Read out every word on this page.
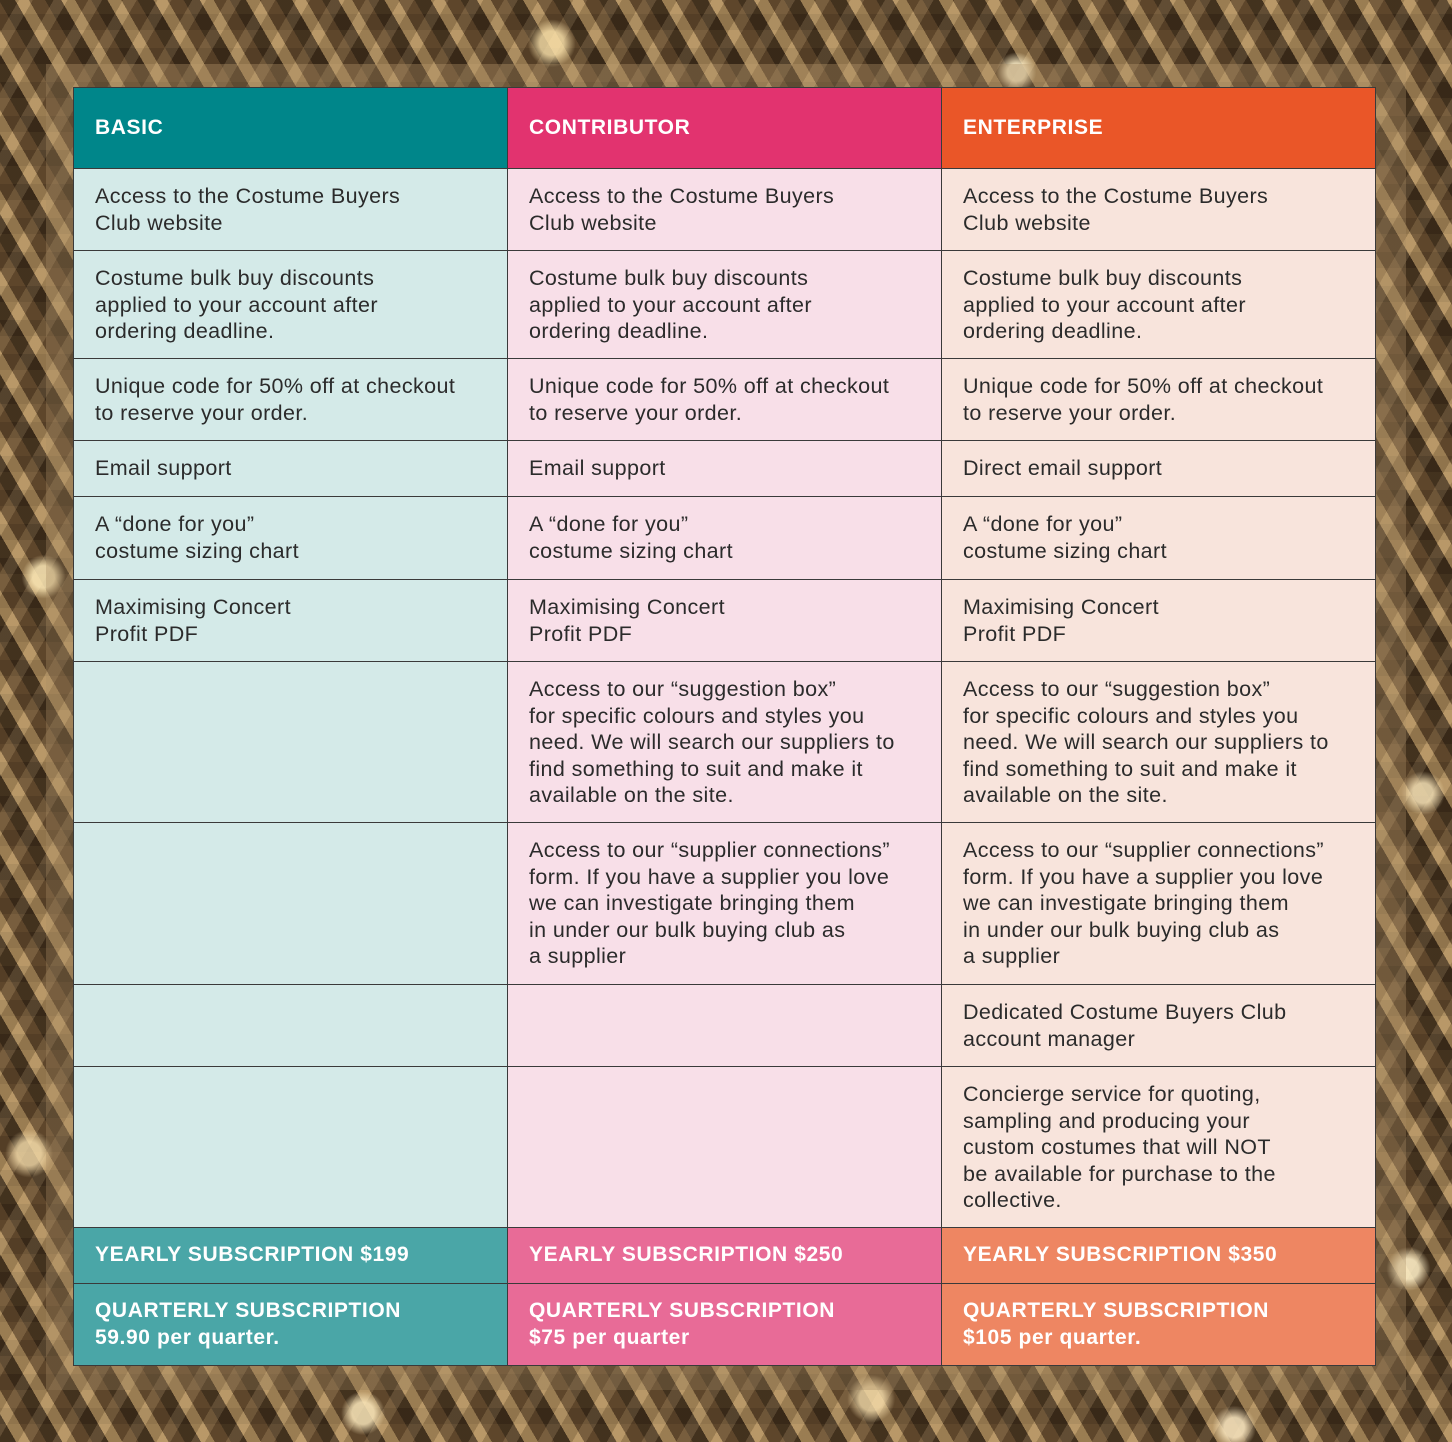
BASIC	CONTRIBUTOR	ENTERPRISE
Access to the Costume Buyers
Club website	Access to the Costume Buyers
Club website	Access to the Costume Buyers
Club website
Costume bulk buy discounts
applied to your account after
ordering deadline.	Costume bulk buy discounts
applied to your account after
ordering deadline.	Costume bulk buy discounts
applied to your account after
ordering deadline.
Unique code for 50% off at checkout
to reserve your order.	Unique code for 50% off at checkout
to reserve your order.	Unique code for 50% off at checkout
to reserve your order.
Email support	Email support	Direct email support
A “done for you”
costume sizing chart	A “done for you”
costume sizing chart	A “done for you”
costume sizing chart
Maximising Concert
Profit PDF	Maximising Concert
Profit PDF	Maximising Concert
Profit PDF
	Access to our “suggestion box”
for specific colours and styles you
need. We will search our suppliers to
find something to suit and make it
available on the site.	Access to our “suggestion box”
for specific colours and styles you
need. We will search our suppliers to
find something to suit and make it
available on the site.
	Access to our “supplier connections”
form. If you have a supplier you love
we can investigate bringing them
in under our bulk buying club as
a supplier	Access to our “supplier connections”
form. If you have a supplier you love
we can investigate bringing them
in under our bulk buying club as
a supplier
		Dedicated Costume Buyers Club
account manager
		Concierge service for quoting,
sampling and producing your
custom costumes that will NOT
be available for purchase to the
collective.
YEARLY SUBSCRIPTION $199	YEARLY SUBSCRIPTION $250	YEARLY SUBSCRIPTION $350
QUARTERLY SUBSCRIPTION
59.90 per quarter.	QUARTERLY SUBSCRIPTION
$75 per quarter	QUARTERLY SUBSCRIPTION
$105 per quarter.
